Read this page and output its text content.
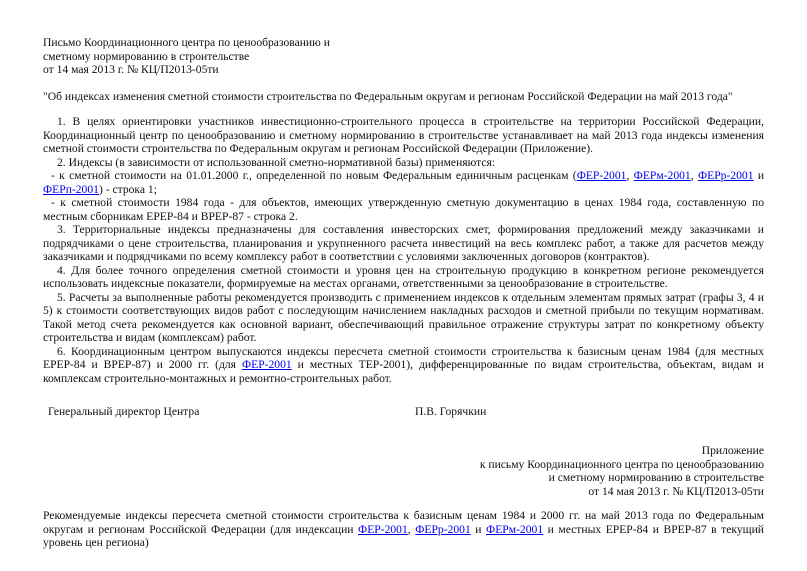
Письмо Координационного центра по ценообразованию и
сметному нормированию в строительстве
от 14 мая 2013 г. № КЦ/П2013-05ти
"Об индексах изменения сметной стоимости строительства по Федеральным округам и регионам Российской Федерации на май 2013 года"

1. В целях ориентировки участников инвестиционно-строительного процесса в строительстве на территории Российской Федерации, Координационный центр по ценообразованию и сметному нормированию в строительстве устанавливает на май 2013 года индексы изменения сметной стоимости строительства по Федеральным округам и регионам Российской Федерации (Приложение).

2. Индексы (в зависимости от использованной сметно-нормативной базы) применяются:

- к сметной стоимости на 01.01.2000 г., определенной по новым Федеральным единичным расценкам (ФЕР-2001, ФЕРм-2001, ФЕРр-2001 и ФЕРп-2001) - строка 1;

- к сметной стоимости 1984 года - для объектов, имеющих утвержденную сметную документацию в ценах 1984 года, составленную по местным сборникам ЕРЕР-84 и ВРЕР-87 - строка 2.

3. Территориальные индексы предназначены для составления инвесторских смет, формирования предложений между заказчиками и подрядчиками о цене строительства, планирования и укрупненного расчета инвестиций на весь комплекс работ, а также для расчетов между заказчиками и подрядчиками по всему комплексу работ в соответствии с условиями заключенных договоров (контрактов).

4. Для более точного определения сметной стоимости и уровня цен на строительную продукцию в конкретном регионе рекомендуется использовать индексные показатели, формируемые на местах органами, ответственными за ценообразование в строительстве.

5. Расчеты за выполненные работы рекомендуется производить с применением индексов к отдельным элементам прямых затрат (графы 3, 4 и 5) к стоимости соответствующих видов работ с последующим начислением накладных расходов и сметной прибыли по текущим нормативам. Такой метод счета рекомендуется как основной вариант, обеспечивающий правильное отражение структуры затрат по конкретному объекту строительства и видам (комплексам) работ.

6. Координационным центром выпускаются индексы пересчета сметной стоимости строительства к базисным ценам 1984 (для местных ЕРЕР-84 и ВРЕР-87) и 2000 гг. (для ФЕР-2001 и местных ТЕР-2001), дифференцированные по видам строительства, объектам, видам и комплексам строительно-монтажных и ремонтно-строительных работ.

Генеральный директор Центра	П.В. Горячкин
Приложение
к письму Координационного центра по ценообразованию
и сметному нормированию в строительстве
от 14 мая 2013 г. № КЦ/П2013-05ти
Рекомендуемые индексы пересчета сметной стоимости строительства к базисным ценам 1984 и 2000 гг. на май 2013 года по Федеральным округам и регионам Российской Федерации (для индексации ФЕР-2001, ФЕРр-2001 и ФЕРм-2001 и местных ЕРЕР-84 и ВРЕР-87 в текущий уровень цен региона)
